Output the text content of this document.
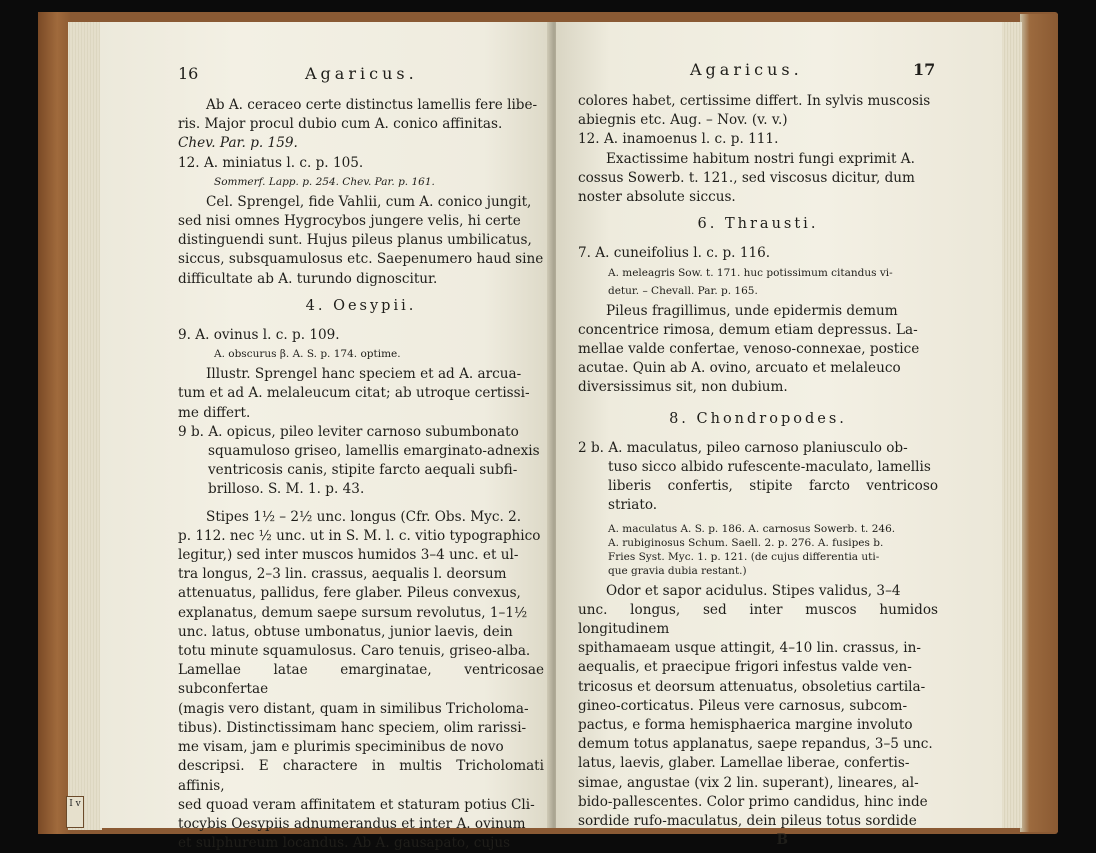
I v
16	Agaricus.

Ab A. ceraceo certe distinctus lamellis fere libe-

ris. Major procul dubio cum A. conico affinitas.

Chev. Par. p. 159.

12. A. miniatus l. c. p. 105.

Sommerf. Lapp. p. 254. Chev. Par. p. 161.

Cel. Sprengel, fide Vahlii, cum A. conico jungit,

sed nisi omnes Hygrocybos jungere velis, hi certe

distinguendi sunt. Hujus pileus planus umbilicatus,

siccus, subsquamulosus etc. Saepenumero haud sine

difficultate ab A. turundo dignoscitur.

4. Oesypii.

9. A. ovinus l. c. p. 109.

A. obscurus β. A. S. p. 174. optime.

Illustr. Sprengel hanc speciem et ad A. arcua-

tum et ad A. melaleucum citat; ab utroque certissi-

me differt.

9 b. A. opicus, pileo leviter carnoso subumbonato

squamuloso griseo, lamellis emarginato-adnexis

ventricosis canis, stipite farcto aequali subfi-

brilloso. S. M. 1. p. 43.

Stipes 1½ – 2½ unc. longus (Cfr. Obs. Myc. 2.

p. 112. nec ½ unc. ut in S. M. l. c. vitio typographico

legitur,) sed inter muscos humidos 3–4 unc. et ul-

tra longus, 2–3 lin. crassus, aequalis l. deorsum

attenuatus, pallidus, fere glaber. Pileus convexus,

explanatus, demum saepe sursum revolutus, 1–1½

unc. latus, obtuse umbonatus, junior laevis, dein

totu minute squamulosus. Caro tenuis, griseo-alba.

Lamellae latae emarginatae, ventricosae subconfertae

(magis vero distant, quam in similibus Tricholoma-

tibus). Distinctissimam hanc speciem, olim rarissi-

me visam, jam e plurimis speciminibus de novo

descripsi. E charactere in multis Tricholomati affinis,

sed quoad veram affinitatem et staturam potius Cli-

tocybis Oesypiis adnumerandus et inter A. ovinum

et sulphureum locandus. Ab A. gausapato, cujus

Agaricus.	17

colores habet, certissime differt. In sylvis muscosis

abiegnis etc. Aug. – Nov. (v. v.)

12. A. inamoenus l. c. p. 111.

Exactissime habitum nostri fungi exprimit A.

cossus Sowerb. t. 121., sed viscosus dicitur, dum

noster absolute siccus.

6. Thrausti.

7. A. cuneifolius l. c. p. 116.

A. meleagris Sow. t. 171. huc potissimum citandus vi-

detur. – Chevall. Par. p. 165.

Pileus fragillimus, unde epidermis demum

concentrice rimosa, demum etiam depressus. La-

mellae valde confertae, venoso-connexae, postice

acutae. Quin ab A. ovino, arcuato et melaleuco

diversissimus sit, non dubium.

8. Chondropodes.

2 b. A. maculatus, pileo carnoso planiusculo ob-

tuso sicco albido rufescente-maculato, lamellis

liberis confertis, stipite farcto ventricoso striato.

A. maculatus A. S. p. 186. A. carnosus Sowerb. t. 246.

A. rubiginosus Schum. Saell. 2. p. 276. A. fusipes b.

Fries Syst. Myc. 1. p. 121. (de cujus differentia uti-

que gravia dubia restant.)

Odor et sapor acidulus. Stipes validus, 3–4

unc. longus, sed inter muscos humidos longitudinem

spithamaeam usque attingit, 4–10 lin. crassus, in-

aequalis, et praecipue frigori infestus valde ven-

tricosus et deorsum attenuatus, obsoletius cartila-

gineo-corticatus. Pileus vere carnosus, subcom-

pactus, e forma hemisphaerica margine involuto

demum totus applanatus, saepe repandus, 3–5 unc.

latus, laevis, glaber. Lamellae liberae, confertis-

simae, angustae (vix 2 lin. superant), lineares, al-

bido-pallescentes. Color primo candidus, hinc inde

sordide rufo-maculatus, dein pileus totus sordide

B
